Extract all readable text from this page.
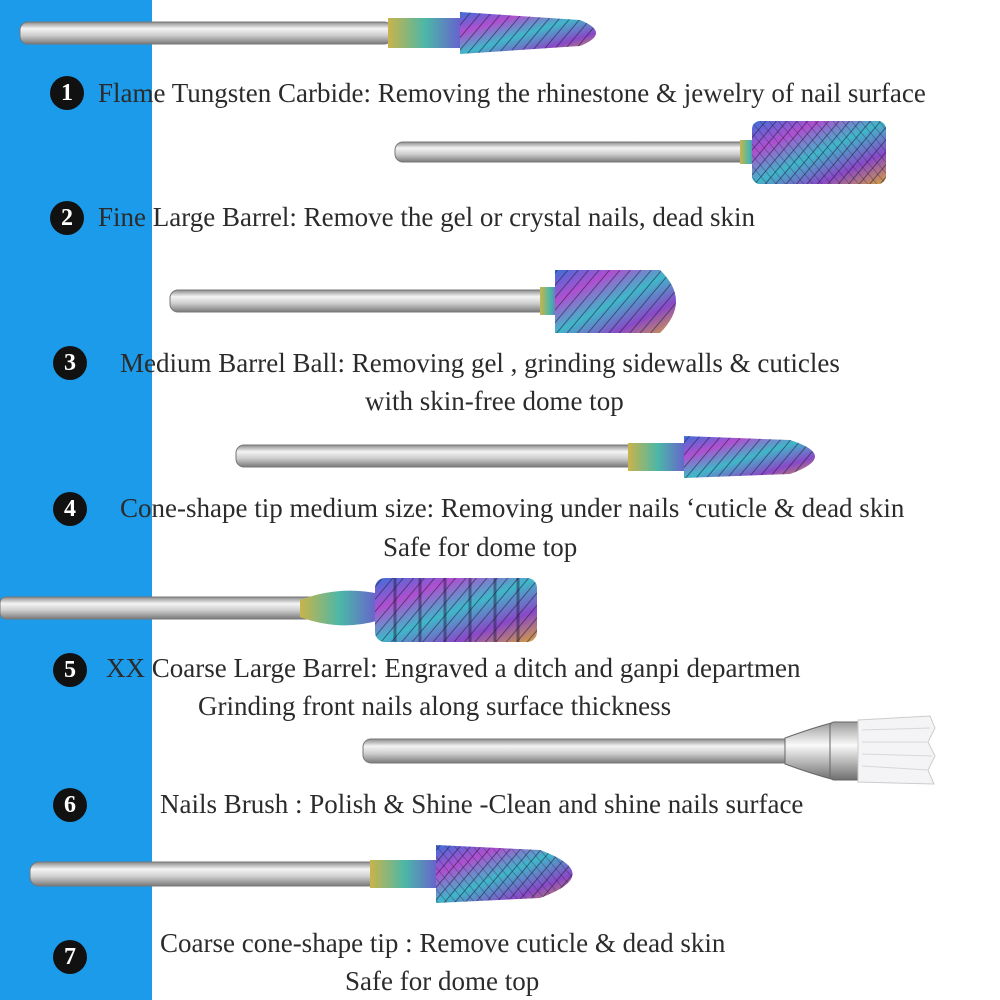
1 Flame Tungsten Carbide: Removing the rhinestone & jewelry of nail surface
2 Fine Large Barrel: Remove the gel or crystal nails, dead skin
3	Medium Barrel Ball: Removing gel , grinding sidewalls & cuticles
with skin-free dome top
4	Cone-shape tip medium size: Removing under nails ‘cuticle & dead skin
Safe for dome top
5	XX Coarse Large Barrel: Engraved a ditch and ganpi departmen
Grinding front nails along surface thickness
6	Nails Brush : Polish & Shine -Clean and shine nails surface
7	Coarse cone-shape tip : Remove cuticle & dead skin
Safe for dome top
